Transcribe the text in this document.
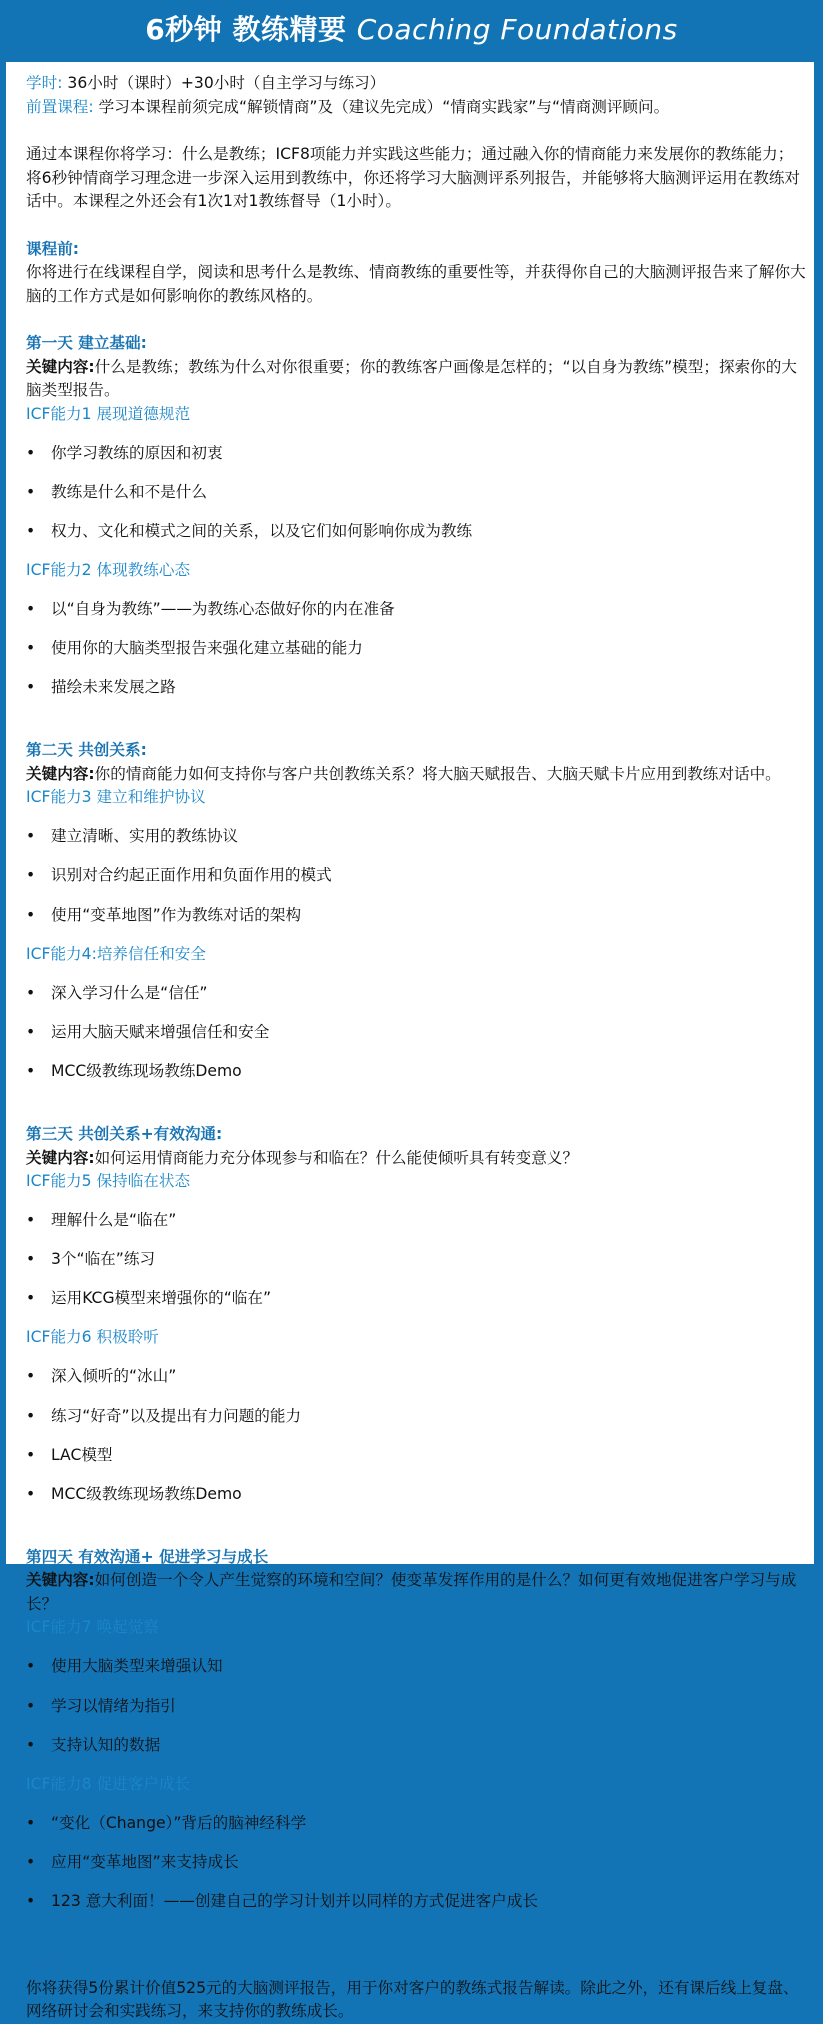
6秒钟 教练精要 Coaching Foundations

学时: 36小时（课时）+30小时（自主学习与练习）

前置课程: 学习本课程前须完成“解锁情商”及（建议先完成）“情商实践家”与“情商测评顾问。

通过本课程你将学习：什么是教练；ICF8项能力并实践这些能力；通过融入你的情商能力来发展你的教练能力；将6秒钟情商学习理念进一步深入运用到教练中，你还将学习大脑测评系列报告，并能够将大脑测评运用在教练对话中。本课程之外还会有1次1对1教练督导（1小时）。

课程前:

你将进行在线课程自学，阅读和思考什么是教练、情商教练的重要性等，并获得你自己的大脑测评报告来了解你大脑的工作方式是如何影响你的教练风格的。

第一天 建立基础:

关键内容:什么是教练；教练为什么对你很重要；你的教练客户画像是怎样的；“以自身为教练”模型；探索你的大脑类型报告。

ICF能力1 展现道德规范

• 你学习教练的原因和初衷

• 教练是什么和不是什么

• 权力、文化和模式之间的关系，以及它们如何影响你成为教练

ICF能力2 体现教练心态

• 以“自身为教练”——为教练心态做好你的内在准备

• 使用你的大脑类型报告来强化建立基础的能力

• 描绘未来发展之路

第二天 共创关系:

关键内容:你的情商能力如何支持你与客户共创教练关系？将大脑天赋报告、大脑天赋卡片应用到教练对话中。

ICF能力3 建立和维护协议

• 建立清晰、实用的教练协议

• 识别对合约起正面作用和负面作用的模式

• 使用“变革地图”作为教练对话的架构

ICF能力4:培养信任和安全

• 深入学习什么是“信任”

• 运用大脑天赋来增强信任和安全

• MCC级教练现场教练Demo

第三天 共创关系+有效沟通:

关键内容:如何运用情商能力充分体现参与和临在？什么能使倾听具有转变意义？

ICF能力5 保持临在状态

• 理解什么是“临在”

• 3个“临在”练习

• 运用KCG模型来增强你的“临在”

ICF能力6 积极聆听

• 深入倾听的“冰山”

• 练习“好奇”以及提出有力问题的能力

• LAC模型

• MCC级教练现场教练Demo

第四天 有效沟通+ 促进学习与成长

关键内容:如何创造一个令人产生觉察的环境和空间？使变革发挥作用的是什么？如何更有效地促进客户学习与成长？

ICF能力7 唤起觉察

• 使用大脑类型来增强认知

• 学习以情绪为指引

• 支持认知的数据

ICF能力8 促进客户成长

• “变化（Change）”背后的脑神经科学

• 应用“变革地图”来支持成长

• 123 意大利面！——创建自己的学习计划并以同样的方式促进客户成长

课程后:

你将获得5份累计价值525元的大脑测评报告，用于你对客户的教练式报告解读。除此之外，还有课后线上复盘、网络研讨会和实践练习，来支持你的教练成长。
